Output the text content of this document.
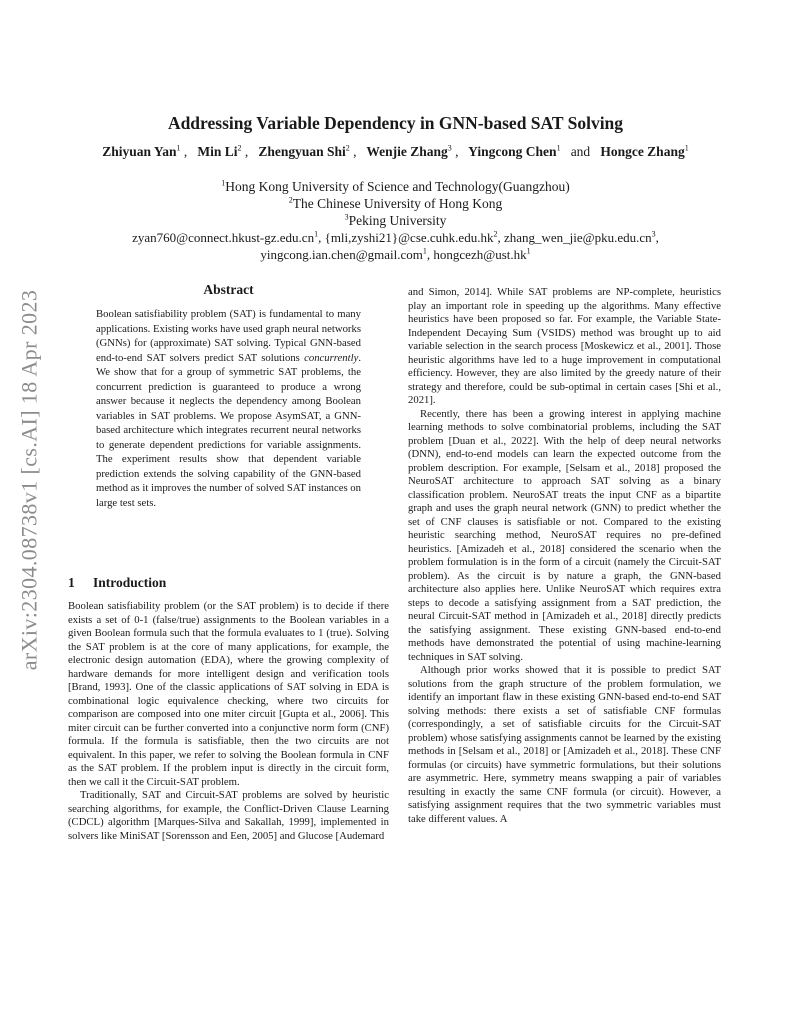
arXiv:2304.08738v1 [cs.AI] 18 Apr 2023
Addressing Variable Dependency in GNN-based SAT Solving
Zhiyuan Yan$^1$ ,   Min Li$^2$ ,   Zhengyuan Shi$^2$ ,   Wenjie Zhang$^3$ ,   Yingcong Chen$^1$ and Hongce Zhang$^1$
$^1$Hong Kong University of Science and Technology(Guangzhou)
$^2$The Chinese University of Hong Kong
$^3$Peking University
$zyan760@connect.hkust-gz.edu.cn^1$, $\{mli,zyshi21\}@cse.cuhk.edu.hk^2$, $zhang\_wen\_jie@pku.edu.cn^3$,
yingcong.ian.chen@gmail.com$^1$, $hongcezh@ust.hk^1$
Abstract

Boolean satisfiability problem (SAT) is fundamental to many applications. Existing works have used graph neural networks (GNNs) for (approximate) SAT solving. Typical GNN-based end-to-end SAT solvers predict SAT solutions concurrently. We show that for a group of symmetric SAT problems, the concurrent prediction is guaranteed to produce a wrong answer because it neglects the dependency among Boolean variables in SAT problems. We propose AsymSAT, a GNN-based architecture which integrates recurrent neural networks to generate dependent predictions for variable assignments. The experiment results show that dependent variable prediction extends the solving capability of the GNN-based method as it improves the number of solved SAT instances on large test sets.

1 Introduction

Boolean satisfiability problem (or the SAT problem) is to decide if there exists a set of 0-1 (false/true) assignments to the Boolean variables in a given Boolean formula such that the formula evaluates to 1 (true). Solving the SAT problem is at the core of many applications, for example, the electronic design automation (EDA), where the growing complexity of hardware demands for more intelligent design and verification tools [Brand, 1993]. One of the classic applications of SAT solving in EDA is combinational logic equivalence checking, where two circuits for comparison are composed into one miter circuit [Gupta et al., 2006]. This miter circuit can be further converted into a conjunctive norm form (CNF) formula. If the formula is satisfiable, then the two circuits are not equivalent. In this paper, we refer to solving the Boolean formula in CNF as the SAT problem. If the problem input is directly in the circuit form, then we call it the Circuit-SAT problem.

Traditionally, SAT and Circuit-SAT problems are solved by heuristic searching algorithms, for example, the Conflict-Driven Clause Learning (CDCL) algorithm [Marques-Silva and Sakallah, 1999], implemented in solvers like MiniSAT [Sorensson and Een, 2005] and Glucose [Audemard

and Simon, 2014]. While SAT problems are NP-complete, heuristics play an important role in speeding up the algorithms. Many effective heuristics have been proposed so far. For example, the Variable State-Independent Decaying Sum (VSIDS) method was brought up to aid variable selection in the search process [Moskewicz et al., 2001]. Those heuristic algorithms have led to a huge improvement in computational efficiency. However, they are also limited by the greedy nature of their strategy and therefore, could be sub-optimal in certain cases [Shi et al., 2021].

Recently, there has been a growing interest in applying machine learning methods to solve combinatorial problems, including the SAT problem [Duan et al., 2022]. With the help of deep neural networks (DNN), end-to-end models can learn the expected outcome from the problem description. For example, [Selsam et al., 2018] proposed the NeuroSAT architecture to approach SAT solving as a binary classification problem. NeuroSAT treats the input CNF as a bipartite graph and uses the graph neural network (GNN) to predict whether the set of CNF clauses is satisfiable or not. Compared to the existing heuristic searching method, NeuroSAT requires no pre-defined heuristics. [Amizadeh et al., 2018] considered the scenario when the problem formulation is in the form of a circuit (namely the Circuit-SAT problem). As the circuit is by nature a graph, the GNN-based architecture also applies here. Unlike NeuroSAT which requires extra steps to decode a satisfying assignment from a SAT prediction, the neural Circuit-SAT method in [Amizadeh et al., 2018] directly predicts the satisfying assignment. These existing GNN-based end-to-end methods have demonstrated the potential of using machine-learning techniques in SAT solving.

Although prior works showed that it is possible to predict SAT solutions from the graph structure of the problem formulation, we identify an important flaw in these existing GNN-based end-to-end SAT solving methods: there exists a set of satisfiable CNF formulas (correspondingly, a set of satisfiable circuits for the Circuit-SAT problem) whose satisfying assignments cannot be learned by the existing methods in [Selsam et al., 2018] or [Amizadeh et al., 2018]. These CNF formulas (or circuits) have symmetric formulations, but their solutions are asymmetric. Here, symmetry means swapping a pair of variables resulting in exactly the same CNF formula (or circuit). However, a satisfying assignment requires that the two symmetric variables must take different values. A
